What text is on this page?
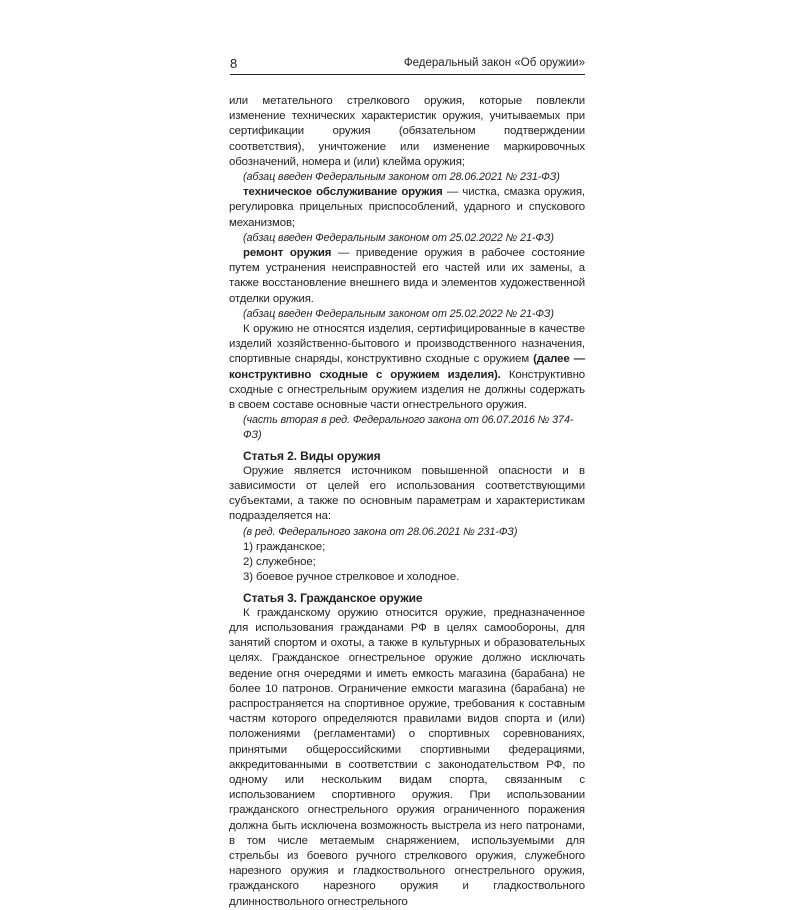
8	Федеральный закон «Об оружии»

или метательного стрелкового оружия, которые повлекли изменение технических характеристик оружия, учитываемых при сертификации оружия (обязательном подтверждении соответствия), уничтожение или изменение маркировочных обозначений, номера и (или) клейма оружия;

(абзац введен Федеральным законом от 28.06.2021 № 231-ФЗ)

техническое обслуживание оружия — чистка, смазка оружия, регулировка прицельных приспособлений, ударного и спускового механизмов;

(абзац введен Федеральным законом от 25.02.2022 № 21-ФЗ)

ремонт оружия — приведение оружия в рабочее состояние путем устранения неисправностей его частей или их замены, а также восстановление внешнего вида и элементов художественной отделки оружия.

(абзац введен Федеральным законом от 25.02.2022 № 21-ФЗ)

К оружию не относятся изделия, сертифицированные в качестве изделий хозяйственно-бытового и производственного назначения, спортивные снаряды, конструктивно сходные с оружием (далее — конструктивно сходные с оружием изделия). Конструктивно сходные с огнестрельным оружием изделия не должны содержать в своем составе основные части огнестрельного оружия.

(часть вторая в ред. Федерального закона от 06.07.2016 № 374-ФЗ)

Статья 2. Виды оружия

Оружие является источником повышенной опасности и в зависимости от целей его использования соответствующими субъектами, а также по основным параметрам и характеристикам подразделяется на:

(в ред. Федерального закона от 28.06.2021 № 231-ФЗ)

1) гражданское;

2) служебное;

3) боевое ручное стрелковое и холодное.

Статья 3. Гражданское оружие

К гражданскому оружию относится оружие, предназначенное для использования гражданами РФ в целях самообороны, для занятий спортом и охоты, а также в культурных и образовательных целях. Гражданское огнестрельное оружие должно исключать ведение огня очередями и иметь емкость магазина (барабана) не более 10 патронов. Ограничение емкости магазина (барабана) не распространяется на спортивное оружие, требования к составным частям которого определяются правилами видов спорта и (или) положениями (регламентами) о спортивных соревнованиях, принятыми общероссийскими спортивными федерациями, аккредитованными в соответствии с законодательством РФ, по одному или нескольким видам спорта, связанным с использованием спортивного оружия. При использовании гражданского огнестрельного оружия ограниченного поражения должна быть исключена возможность выстрела из него патронами, в том числе метаемым снаряжением, используемыми для стрельбы из боевого ручного стрелкового оружия, служебного нарезного оружия и гладкоствольного огнестрельного оружия, гражданского нарезного оружия и гладкоствольного длинноствольного огнестрельного
